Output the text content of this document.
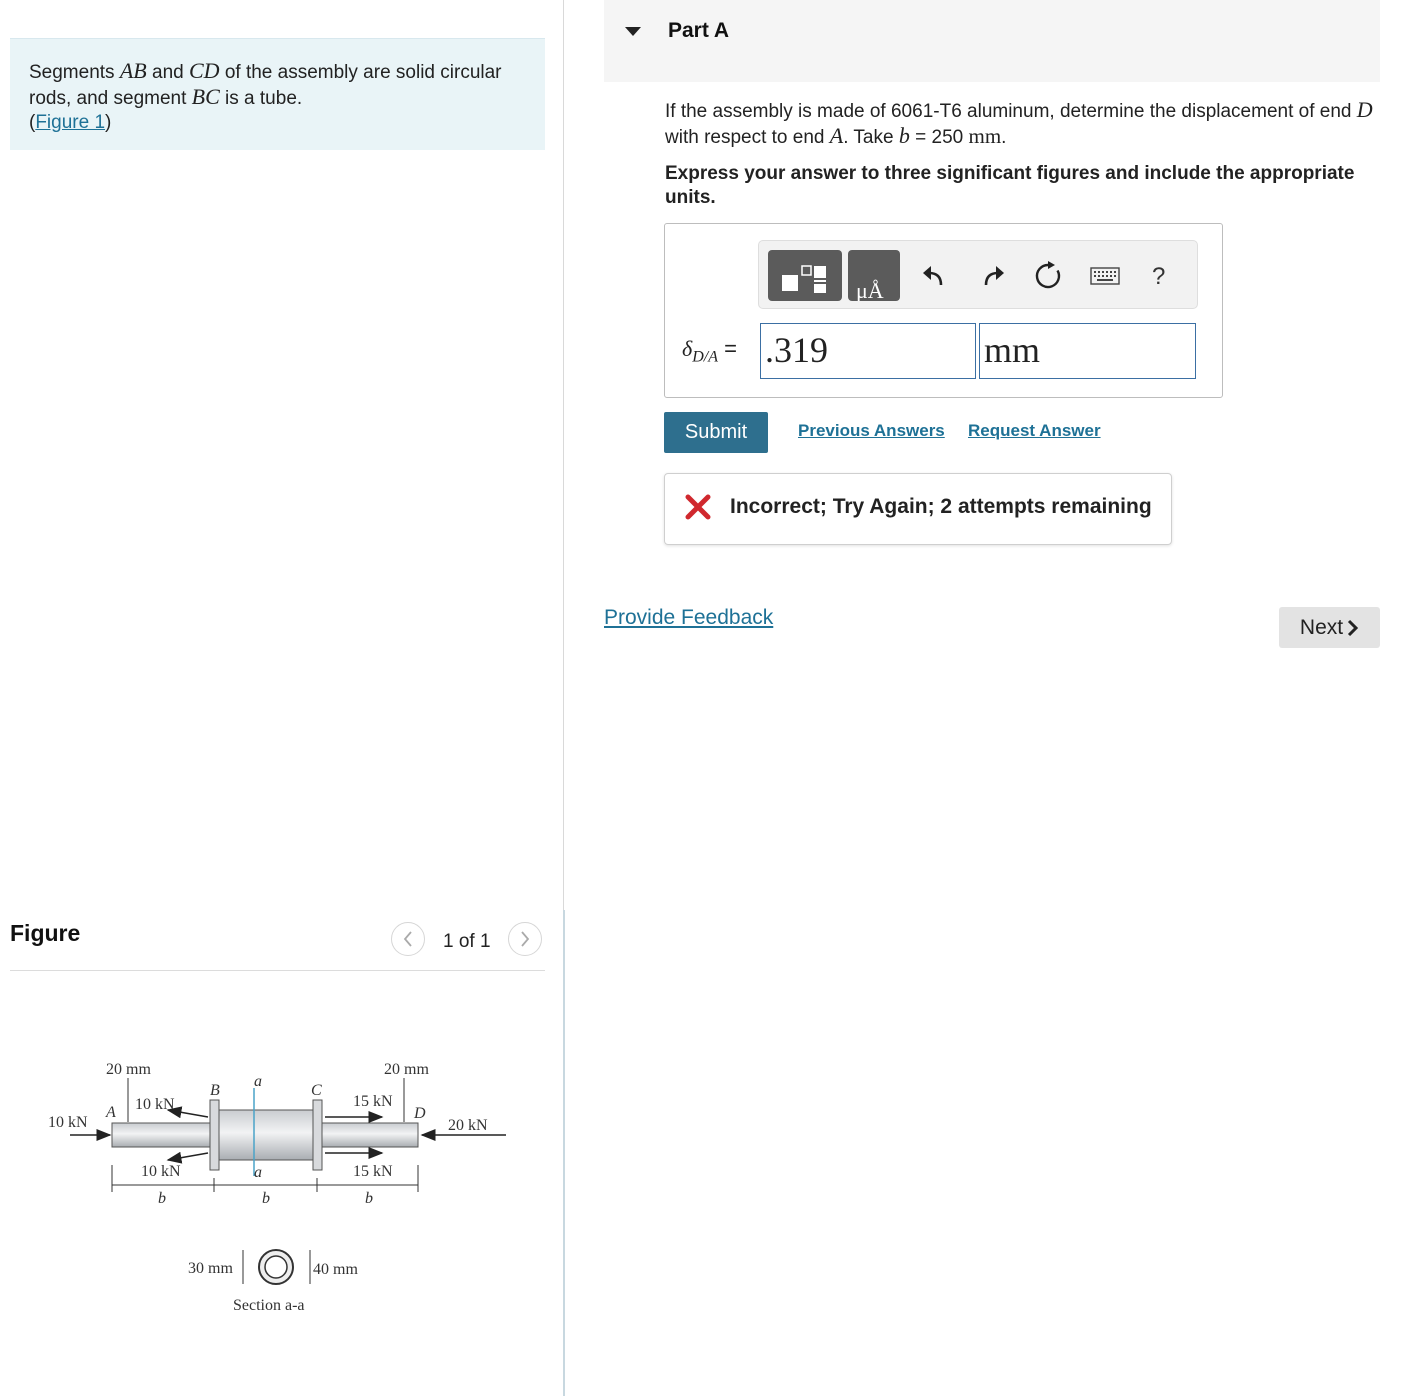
Segments AB and CD of the assembly are solid circular rods, and segment BC is a tube.
(Figure 1)
Figure	1 of 1
20 mm	20 mm
10 kN	20 kN
10 kN
10 kN
15 kN
15 kN
A
B	C
D
a
a
b	b	b
30 mm	40 mm
Section a-a
Part A
If the assembly is made of 6061-T6 aluminum, determine the displacement of end D with respect to end A. Take b = 250 mm.
Express your answer to three significant figures and include the appropriate units.
μÅ
?
$\delta_{D/A} = .319$	mm
Submit	Previous Answers Request Answer
Incorrect; Try Again; 2 attempts remaining
Provide Feedback	Next
